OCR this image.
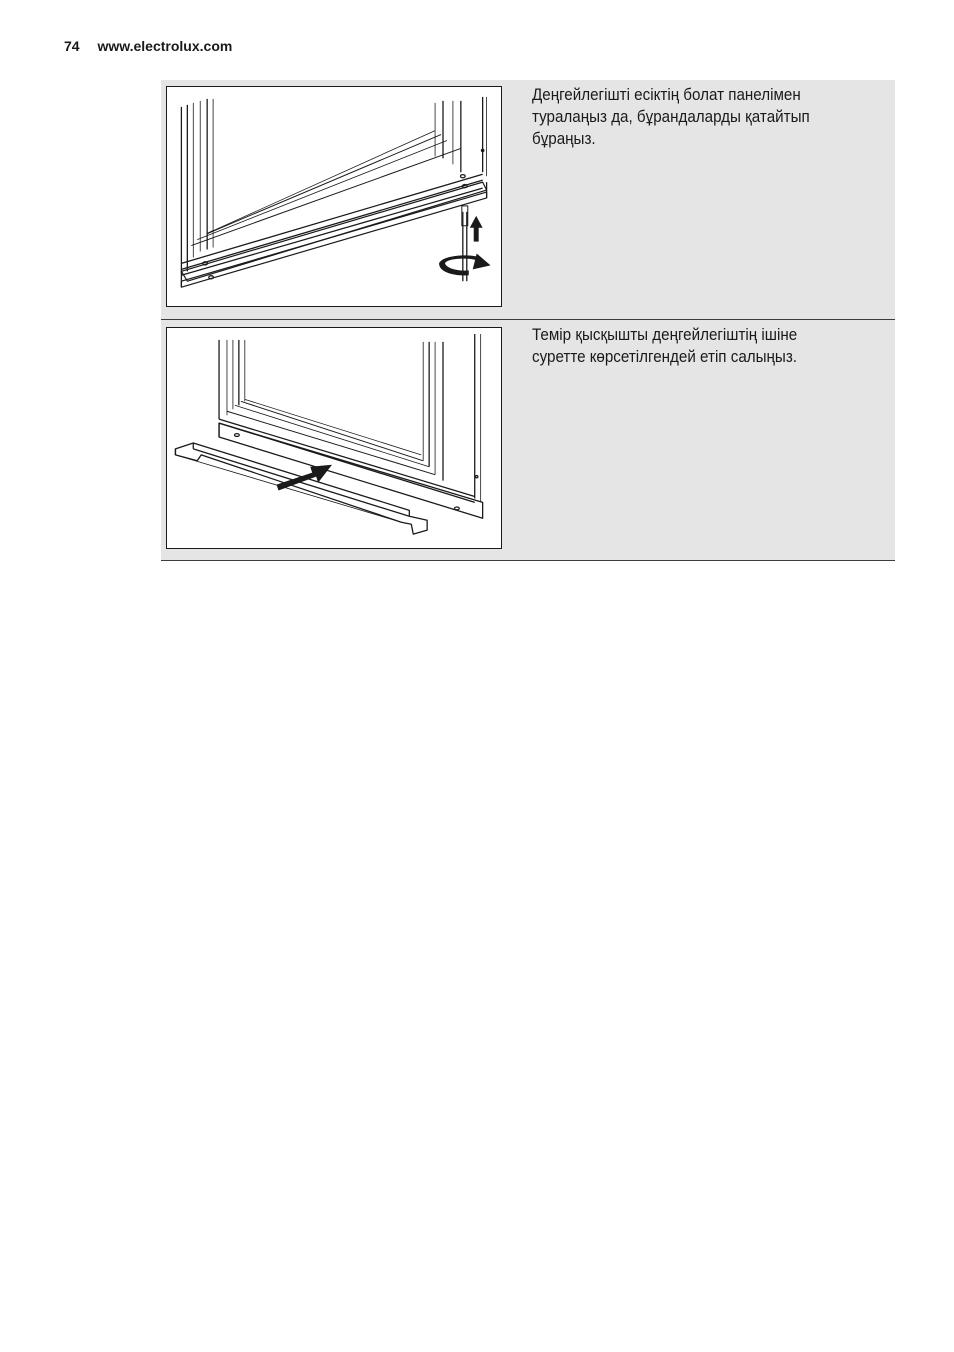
74 www.electrolux.com
Деңгейлегішті есіктің болат панелімен
туралаңыз да, бұрандаларды қатайтып
бұраңыз.
Темір қысқышты деңгейлегіштің ішіне
суретте көрсетілгендей етіп салыңыз.
